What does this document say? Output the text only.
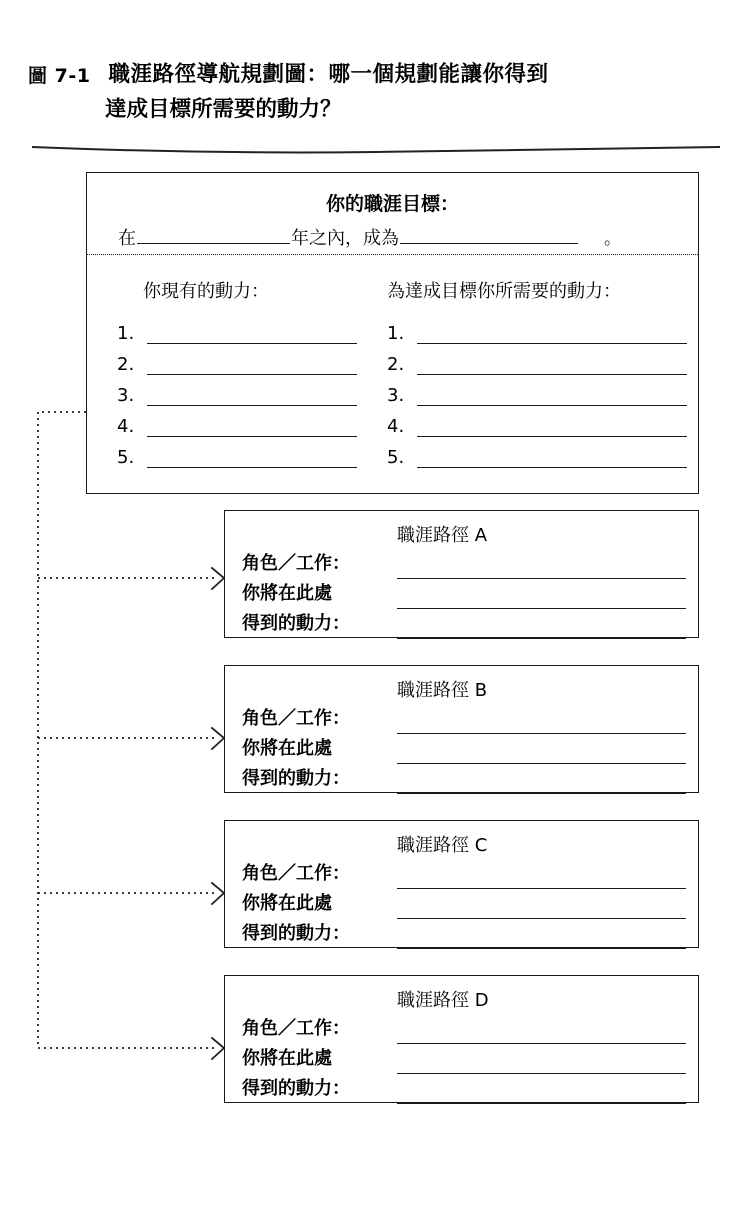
圖 7-1 職涯路徑導航規劃圖：哪一個規劃能讓你得到
達成目標所需要的動力？
你的職涯目標：
在	年之內，成為	。
你現有的動力：
1.
2.
3.
4.
5.
為達成目標你所需要的動力：
1.
2.
3.
4.
5.
職涯路徑 A
角色／工作：
你將在此處
得到的動力：
職涯路徑 B
角色／工作：
你將在此處
得到的動力：
職涯路徑 C
角色／工作：
你將在此處
得到的動力：
職涯路徑 D
角色／工作：
你將在此處
得到的動力：
